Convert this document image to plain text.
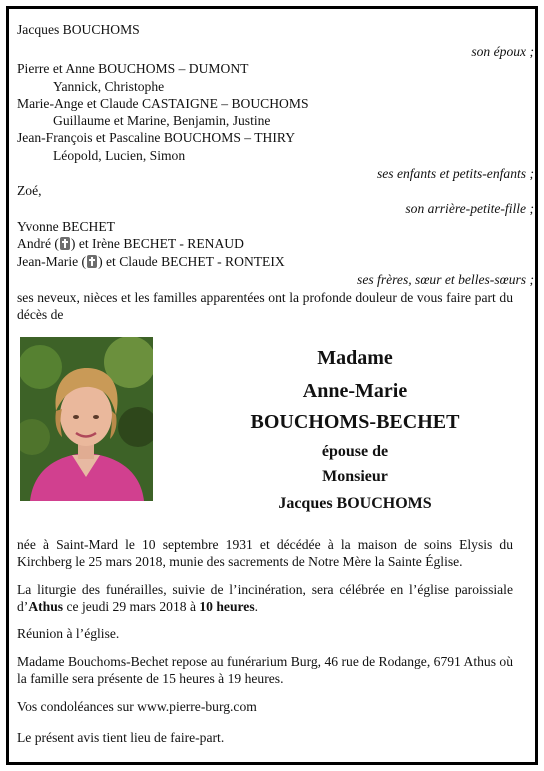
Jacques BOUCHOMS
son époux ;
Pierre et Anne BOUCHOMS – DUMONT
Yannick, Christophe
Marie-Ange et Claude CASTAIGNE – BOUCHOMS
Guillaume et Marine, Benjamin, Justine
Jean-François et Pascaline BOUCHOMS – THIRY
Léopold, Lucien, Simon
ses enfants et petits-enfants ;
Zoé,
son arrière-petite-fille ;
Yvonne BECHET
André ( ) et Irène BECHET - RENAUD
Jean-Marie ( ) et Claude BECHET - RONTEIX
ses frères, sœur et belles-sœurs ;
ses neveux, nièces et les familles apparentées ont la profonde douleur de vous faire part du décès de
Madame
Anne-Marie
BOUCHOMS-BECHET
épouse de
Monsieur
Jacques BOUCHOMS
née à Saint-Mard le 10 septembre 1931 et décédée à la maison de soins Elysis du Kirchberg le 25 mars 2018, munie des sacrements de Notre Mère la Sainte Église.
La liturgie des funérailles, suivie de l’incinération, sera célébrée en l’église paroissiale d’Athus ce jeudi 29 mars 2018 à 10 heures.
Réunion à l’église.
Madame Bouchoms-Bechet repose au funérarium Burg, 46 rue de Rodange, 6791 Athus où la famille sera présente de 15 heures à 19 heures.
Vos condoléances sur www.pierre-burg.com
Le présent avis tient lieu de faire-part.
